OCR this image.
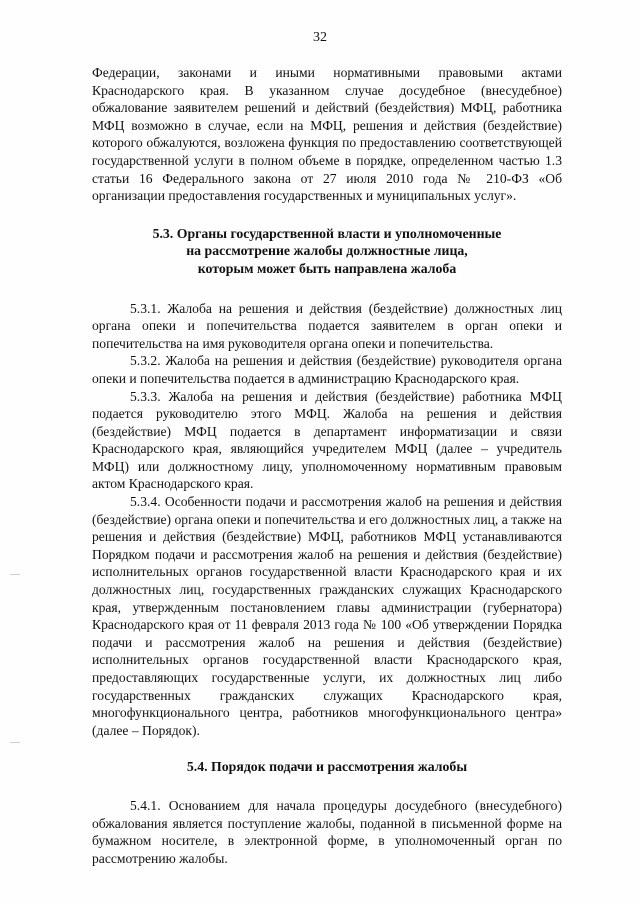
32

Федерации, законами и иными нормативными правовыми актами Краснодарского края. В указанном случае досудебное (внесудебное) обжалование заявителем решений и действий (бездействия) МФЦ, работника МФЦ возможно в случае, если на МФЦ, решения и действия (бездействие) которого обжалуются, возложена функция по предоставлению соответствующей государственной услуги в полном объеме в порядке, определенном частью 1.3 статьи 16 Федерального закона от 27 июля 2010 года № 210-ФЗ «Об организации предоставления государственных и муниципальных услуг».

5.3. Органы государственной власти и уполномоченные

на рассмотрение жалобы должностные лица,

которым может быть направлена жалоба

5.3.1. Жалоба на решения и действия (бездействие) должностных лиц органа опеки и попечительства подается заявителем в орган опеки и попечительства на имя руководителя органа опеки и попечительства.

5.3.2. Жалоба на решения и действия (бездействие) руководителя органа опеки и попечительства подается в администрацию Краснодарского края.

5.3.3. Жалоба на решения и действия (бездействие) работника МФЦ подается руководителю этого МФЦ. Жалоба на решения и действия (бездействие) МФЦ подается в департамент информатизации и связи Краснодарского края, являющийся учредителем МФЦ (далее – учредитель МФЦ) или должностному лицу, уполномоченному нормативным правовым актом Краснодарского края.

5.3.4. Особенности подачи и рассмотрения жалоб на решения и действия (бездействие) органа опеки и попечительства и его должностных лиц, а также на решения и действия (бездействие) МФЦ, работников МФЦ устанавливаются Порядком подачи и рассмотрения жалоб на решения и действия (бездействие) исполнительных органов государственной власти Краснодарского края и их должностных лиц, государственных гражданских служащих Краснодарского края, утвержденным постановлением главы администрации (губернатора) Краснодарского края от 11 февраля 2013 года № 100 «Об утверждении Порядка подачи и рассмотрения жалоб на решения и действия (бездействие) исполнительных органов государственной власти Краснодарского края, предоставляющих государственные услуги, их должностных лиц либо государственных гражданских служащих Краснодарского края, многофункционального центра, работников многофункционального центра» (далее – Порядок).

5.4. Порядок подачи и рассмотрения жалобы

5.4.1. Основанием для начала процедуры досудебного (внесудебного) обжалования является поступление жалобы, поданной в письменной форме на бумажном носителе, в электронной форме, в уполномоченный орган по рассмотрению жалобы.
